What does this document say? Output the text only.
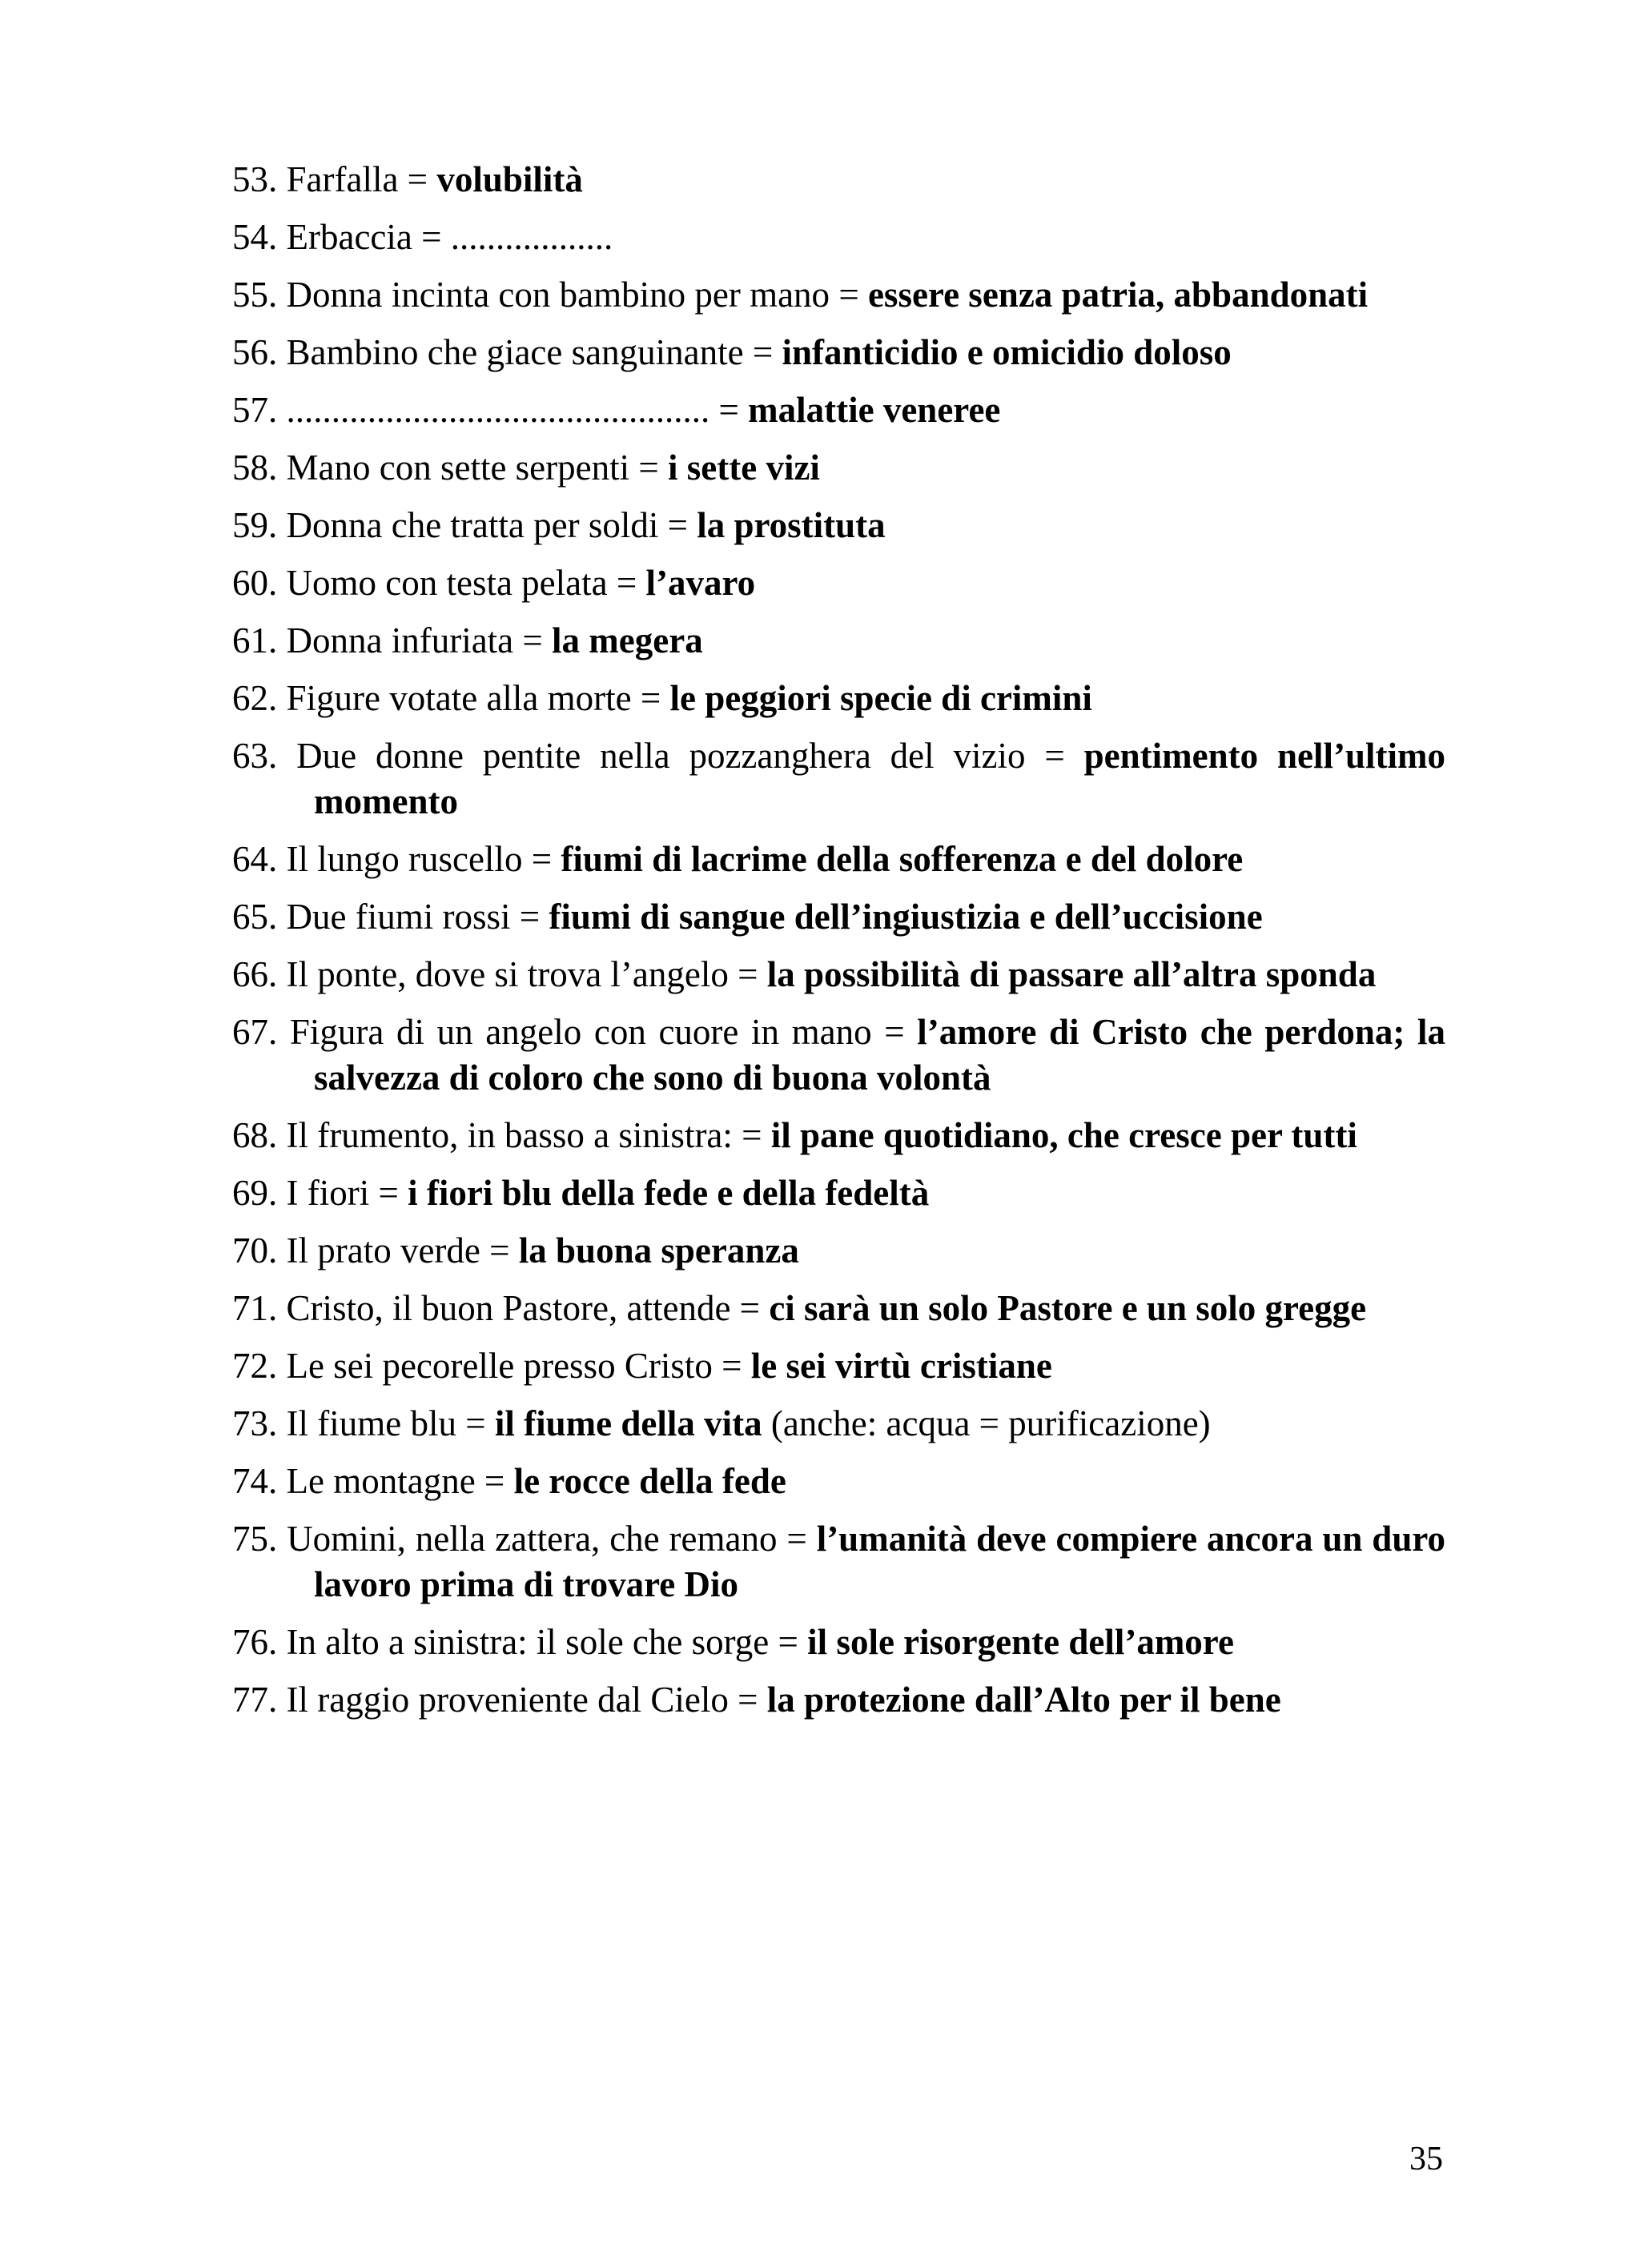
53. Farfalla = volubilità
54. Erbaccia = ..................
55. Donna incinta con bambino per mano = essere senza patria, abbandonati
56. Bambino che giace sanguinante = infanticidio e omicidio doloso
57. ............................................... = malattie veneree
58. Mano con sette serpenti = i sette vizi
59. Donna che tratta per soldi = la prostituta
60. Uomo con testa pelata = l’avaro
61. Donna infuriata = la megera
62. Figure votate alla morte = le peggiori specie di crimini
63. Due donne pentite nella pozzanghera del vizio = pentimento nell’ultimo momento
64. Il lungo ruscello = fiumi di lacrime della sofferenza e del dolore
65. Due fiumi rossi = fiumi di sangue dell’ingiustizia e dell’uccisione
66. Il ponte, dove si trova l’angelo = la possibilità di passare all’altra sponda
67. Figura di un angelo con cuore in mano = l’amore di Cristo che perdona; la salvezza di coloro che sono di buona volontà
68. Il frumento, in basso a sinistra: = il pane quotidiano, che cresce per tutti
69. I fiori = i fiori blu della fede e della fedeltà
70. Il prato verde = la buona speranza
71. Cristo, il buon Pastore, attende = ci sarà un solo Pastore e un solo gregge
72. Le sei pecorelle presso Cristo = le sei virtù cristiane
73. Il fiume blu = il fiume della vita (anche: acqua = purificazione)
74. Le montagne = le rocce della fede
75. Uomini, nella zattera, che remano = l’umanità deve compiere ancora un duro lavoro prima di trovare Dio
76. In alto a sinistra: il sole che sorge = il sole risorgente dell’amore
77. Il raggio proveniente dal Cielo = la protezione dall’Alto per il bene
35
